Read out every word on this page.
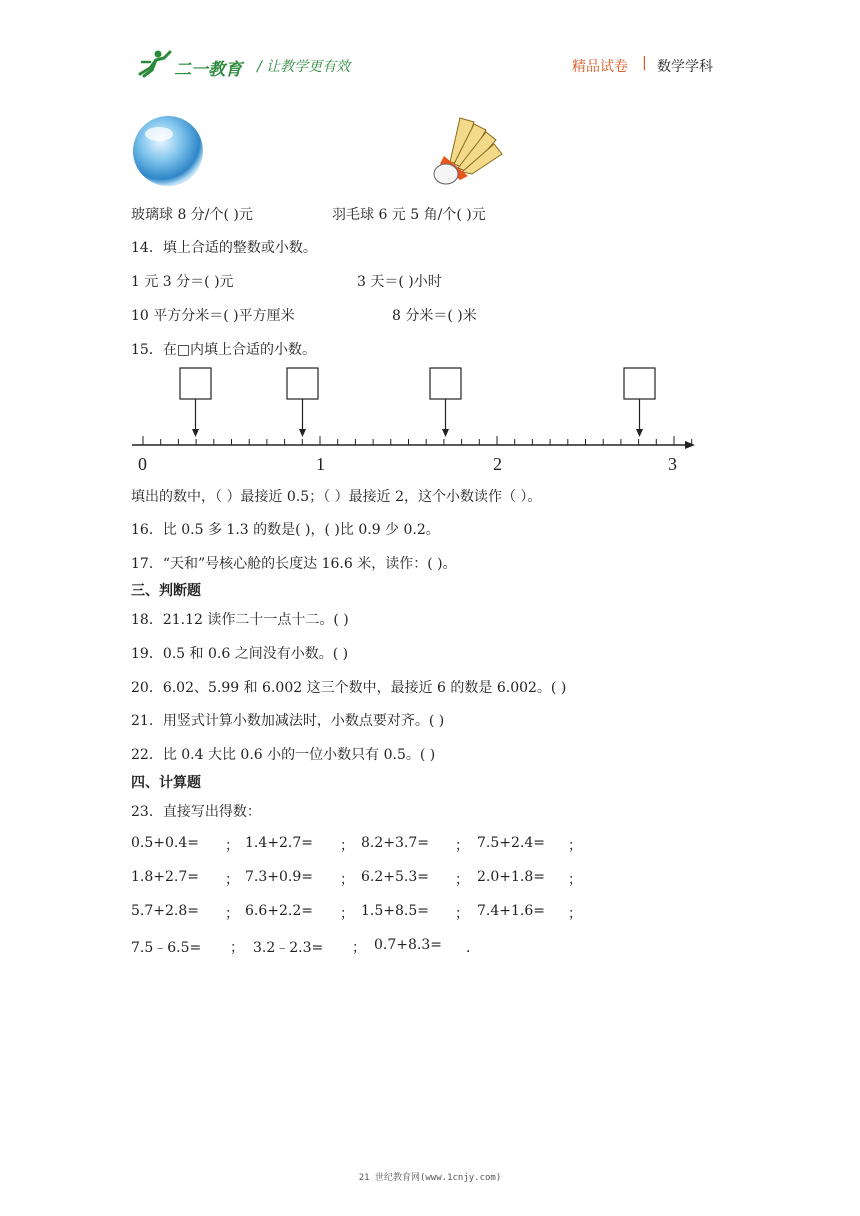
二一教育 / 让教学更有效	精品试卷 | 数学学科
玻璃球 8 分/个( )元	羽毛球 6 元 5 角/个( )元
14．填上合适的整数或小数。
1 元 3 分＝( )元	3 天＝( )小时
10 平方分米＝( )平方厘米	8 分米＝( )米
15．在□内填上合适的小数。
0	1	2	3
填出的数中，（ ）最接近 0.5；（ ）最接近 2，这个小数读作（ ）。
16．比 0.5 多 1.3 的数是( )，( )比 0.9 少 0.2。
17．“天和”号核心舱的长度达 16.6 米，读作：( )。
三、判断题
18．21.12 读作二十一点十二。( )
19．0.5 和 0.6 之间没有小数。( )
20．6.02、5.99 和 6.002 这三个数中，最接近 6 的数是 6.002。( )
21．用竖式计算小数加减法时，小数点要对齐。( )
22．比 0.4 大比 0.6 小的一位小数只有 0.5。( )
四、计算题
23．直接写出得数：
0.5+0.4= ； 1.4+2.7= ； 8.2+3.7= ； 7.5+2.4= ；
1.8+2.7= ； 7.3+0.9= ； 6.2+5.3= ； 2.0+1.8= ；
5.7+2.8= ； 6.6+2.2= ； 1.5+8.5= ； 7.4+1.6= ；
7.5﹣6.5= ； 3.2﹣2.3= ； 0.7+8.3= ．
21 世纪教育网(www.1cnjy.com)
